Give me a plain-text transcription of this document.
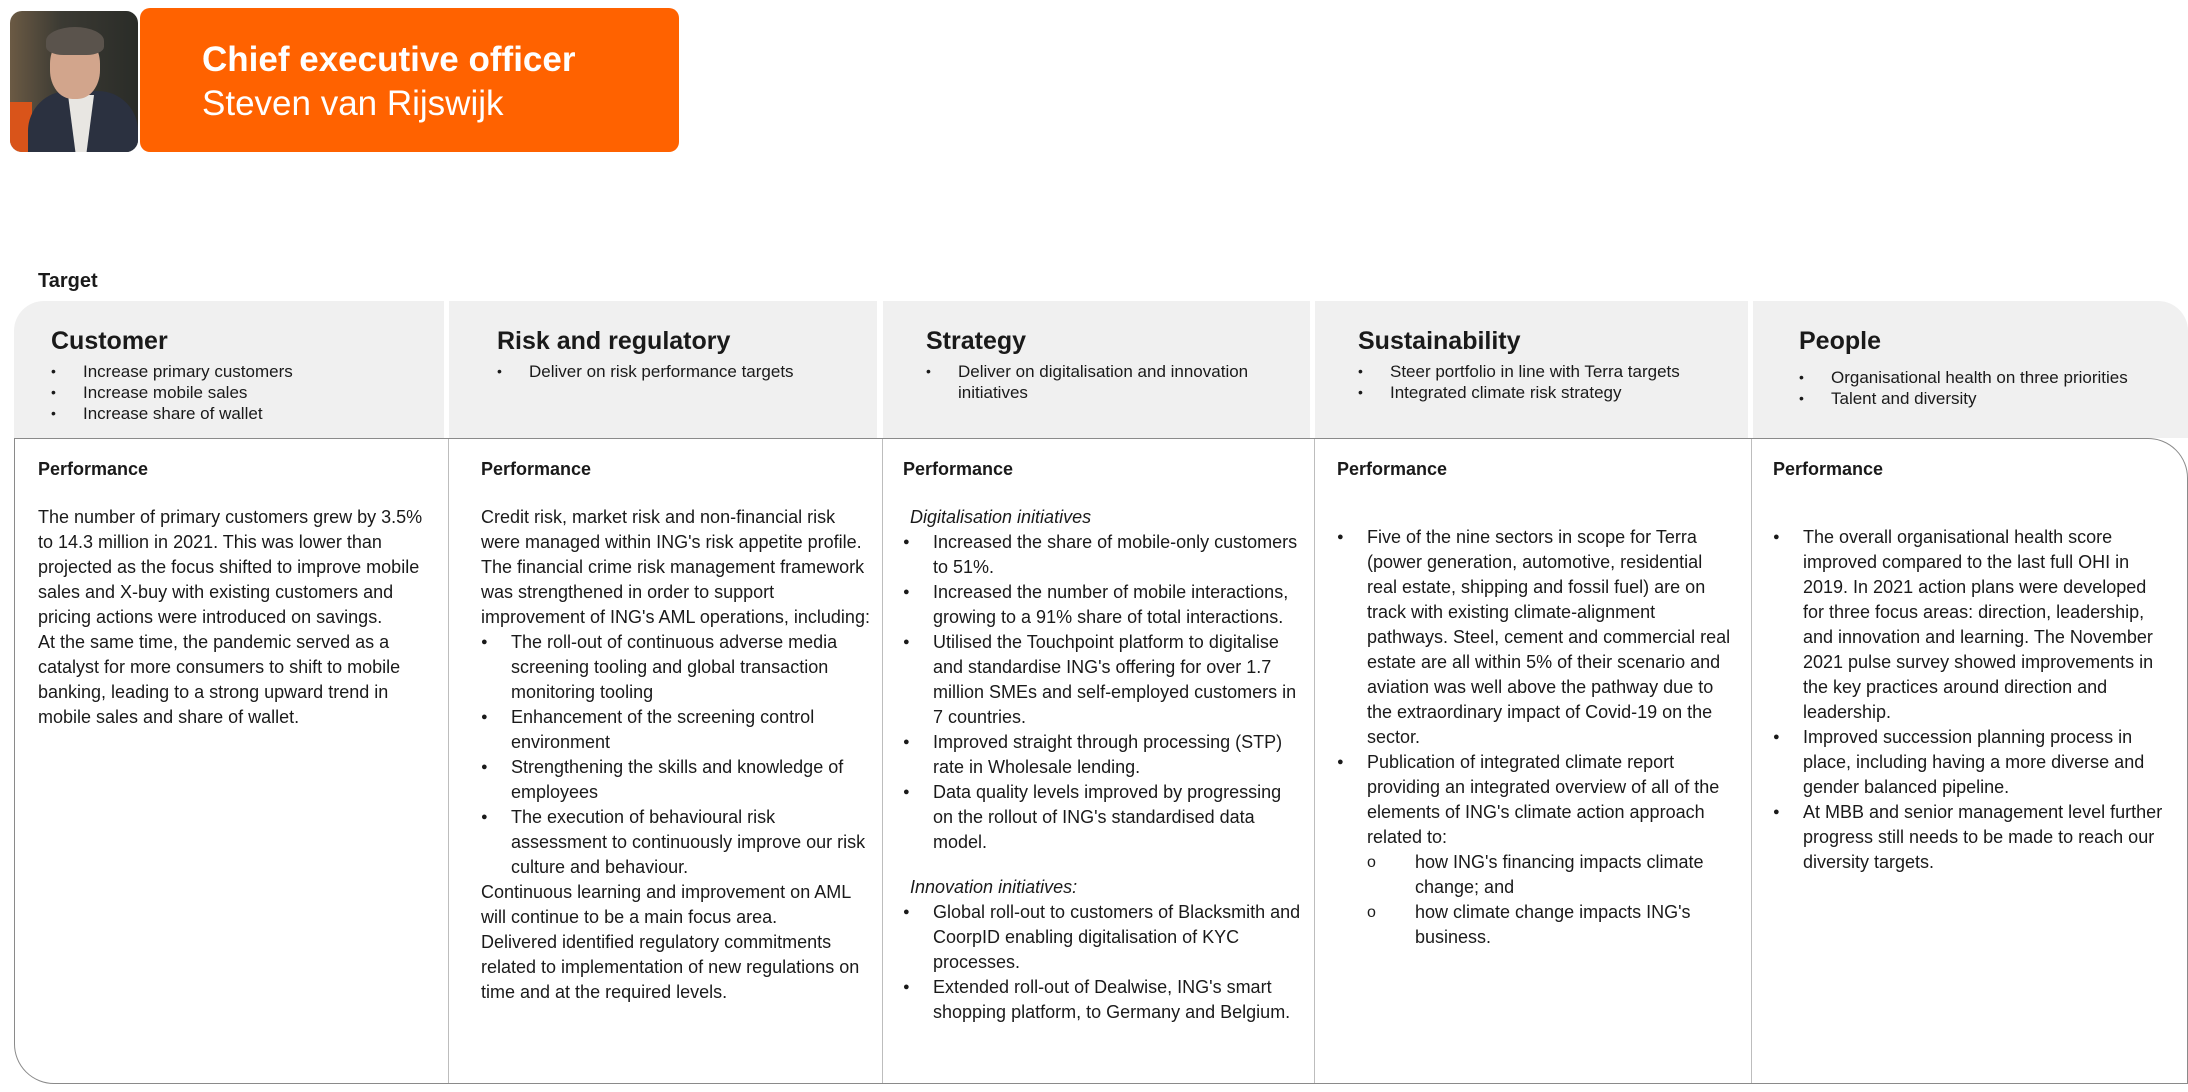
Chief executive officer
Steven van Rijswijk
Target
Customer
• Increase primary customers
• Increase mobile sales
• Increase share of wallet
Risk and regulatory
• Deliver on risk performance targets
Strategy
• Deliver on digitalisation and innovation initiatives
Sustainability
• Steer portfolio in line with Terra targets
• Integrated climate risk strategy
People
• Organisational health on three priorities
• Talent and diversity
Performance

The number of primary customers grew by 3.5% to 14.3 million in 2021. This was lower than projected as the focus shifted to improve mobile sales and X-buy with existing customers and pricing actions were introduced on savings.

At the same time, the pandemic served as a catalyst for more consumers to shift to mobile banking, leading to a strong upward trend in mobile sales and share of wallet.

Performance

Credit risk, market risk and non-financial risk were managed within ING's risk appetite profile.

The financial crime risk management framework was strengthened in order to support improvement of ING's AML operations, including:

● The roll-out of continuous adverse media screening tooling and global transaction monitoring tooling
● Enhancement of the screening control environment
● Strengthening the skills and knowledge of employees
● The execution of behavioural risk assessment to continuously improve our risk culture and behaviour.

Continuous learning and improvement on AML will continue to be a main focus area.

Delivered identified regulatory commitments related to implementation of new regulations on time and at the required levels.

Performance
Digitalisation initiatives
● Increased the share of mobile-only customers to 51%.
● Increased the number of mobile interactions, growing to a 91% share of total interactions.
● Utilised the Touchpoint platform to digitalise and standardise ING's offering for over 1.7 million SMEs and self-employed customers in 7 countries.
● Improved straight through processing (STP) rate in Wholesale lending.
● Data quality levels improved by progressing on the rollout of ING's standardised data model.
Innovation initiatives:
● Global roll-out to customers of Blacksmith and CoorpID enabling digitalisation of KYC processes.
● Extended roll-out of Dealwise, ING's smart shopping platform, to Germany and Belgium.
Performance
● Five of the nine sectors in scope for Terra (power generation, automotive, residential real estate, shipping and fossil fuel) are on track with existing climate-alignment pathways. Steel, cement and commercial real estate are all within 5% of their scenario and aviation was well above the pathway due to the extraordinary impact of Covid-19 on the sector.
● Publication of integrated climate report providing an integrated overview of all of the elements of ING's climate action approach related to:
o how ING's financing impacts climate change; and
o how climate change impacts ING's business.
Performance
● The overall organisational health score improved compared to the last full OHI in 2019. In 2021 action plans were developed for three focus areas: direction, leadership, and innovation and learning. The November 2021 pulse survey showed improvements in the key practices around direction and leadership.
● Improved succession planning process in place, including having a more diverse and gender balanced pipeline.
● At MBB and senior management level further progress still needs to be made to reach our diversity targets.
